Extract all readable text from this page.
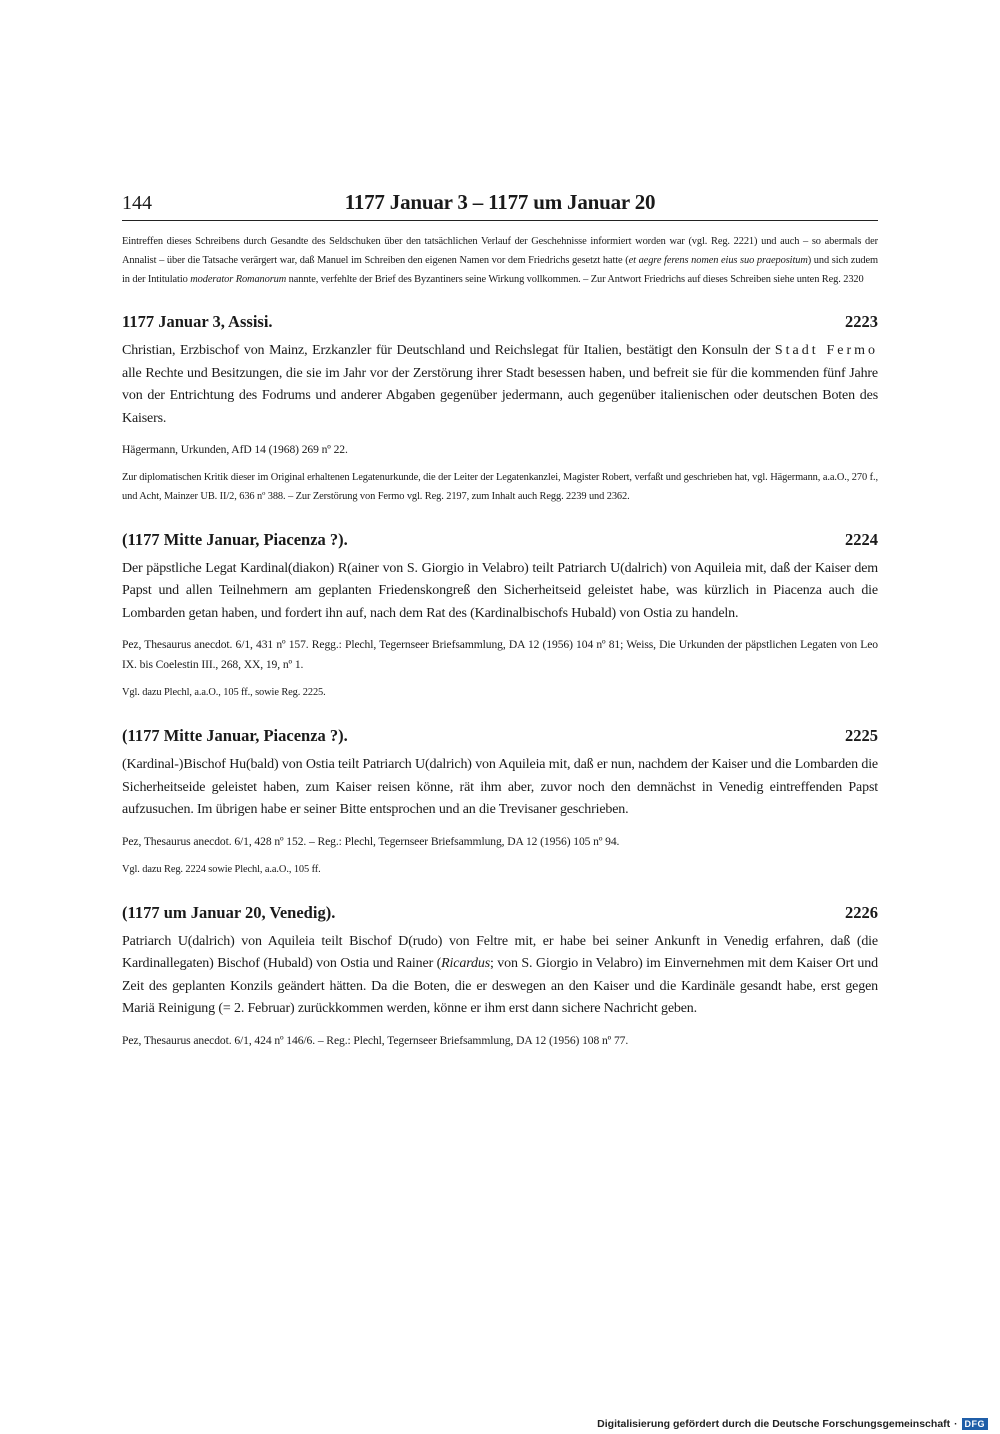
144	1177 Januar 3 – 1177 um Januar 20

Eintreffen dieses Schreibens durch Gesandte des Seldschuken über den tatsächlichen Verlauf der Geschehnisse informiert worden war (vgl. Reg. 2221) und auch – so abermals der Annalist – über die Tatsache verärgert war, daß Manuel im Schreiben den eigenen Namen vor dem Friedrichs gesetzt hatte (et aegre ferens nomen eius suo praepositum) und sich zudem in der Intitulatio moderator Romanorum nannte, verfehlte der Brief des Byzantiners seine Wirkung vollkommen. – Zur Antwort Friedrichs auf dieses Schreiben siehe unten Reg. 2320

1177 Januar 3, Assisi.	2223

Christian, Erzbischof von Mainz, Erzkanzler für Deutschland und Reichslegat für Italien, bestätigt den Konsuln der Stadt Fermo alle Rechte und Besitzungen, die sie im Jahr vor der Zerstörung ihrer Stadt besessen haben, und befreit sie für die kommenden fünf Jahre von der Entrichtung des Fodrums und anderer Abgaben gegenüber jedermann, auch gegenüber italienischen oder deutschen Boten des Kaisers.

Hägermann, Urkunden, AfD 14 (1968) 269 nº 22.

Zur diplomatischen Kritik dieser im Original erhaltenen Legatenurkunde, die der Leiter der Legatenkanzlei, Magister Robert, verfaßt und geschrieben hat, vgl. Hägermann, a.a.O., 270 f., und Acht, Mainzer UB. II/2, 636 nº 388. – Zur Zerstörung von Fermo vgl. Reg. 2197, zum Inhalt auch Regg. 2239 und 2362.

(1177 Mitte Januar, Piacenza ?).	2224

Der päpstliche Legat Kardinal(diakon) R(ainer von S. Giorgio in Velabro) teilt Patriarch U(dalrich) von Aquileia mit, daß der Kaiser dem Papst und allen Teilnehmern am geplanten Friedenskongreß den Sicherheitseid geleistet habe, was kürzlich in Piacenza auch die Lombarden getan haben, und fordert ihn auf, nach dem Rat des (Kardinalbischofs Hubald) von Ostia zu handeln.

Pez, Thesaurus anecdot. 6/1, 431 nº 157. Regg.: Plechl, Tegernseer Briefsammlung, DA 12 (1956) 104 nº 81; Weiss, Die Urkunden der päpstlichen Legaten von Leo IX. bis Coelestin III., 268, XX, 19, nº 1.

Vgl. dazu Plechl, a.a.O., 105 ff., sowie Reg. 2225.

(1177 Mitte Januar, Piacenza ?).	2225

(Kardinal-)Bischof Hu(bald) von Ostia teilt Patriarch U(dalrich) von Aquileia mit, daß er nun, nachdem der Kaiser und die Lombarden die Sicherheitseide geleistet haben, zum Kaiser reisen könne, rät ihm aber, zuvor noch den demnächst in Venedig eintreffenden Papst aufzusuchen. Im übrigen habe er seiner Bitte entsprochen und an die Trevisaner geschrieben.

Pez, Thesaurus anecdot. 6/1, 428 nº 152. – Reg.: Plechl, Tegernseer Briefsammlung, DA 12 (1956) 105 nº 94.

Vgl. dazu Reg. 2224 sowie Plechl, a.a.O., 105 ff.

(1177 um Januar 20, Venedig).	2226

Patriarch U(dalrich) von Aquileia teilt Bischof D(rudo) von Feltre mit, er habe bei seiner Ankunft in Venedig erfahren, daß (die Kardinallegaten) Bischof (Hubald) von Ostia und Rainer (Ricardus; von S. Giorgio in Velabro) im Einvernehmen mit dem Kaiser Ort und Zeit des geplanten Konzils geändert hätten. Da die Boten, die er deswegen an den Kaiser und die Kardinäle gesandt habe, erst gegen Mariä Reinigung (= 2. Februar) zurückkommen werden, könne er ihm erst dann sichere Nachricht geben.

Pez, Thesaurus anecdot. 6/1, 424 nº 146/6. – Reg.: Plechl, Tegernseer Briefsammlung, DA 12 (1956) 108 nº 77.

Digitalisierung gefördert durch die Deutsche Forschungsgemeinschaft · DFG
